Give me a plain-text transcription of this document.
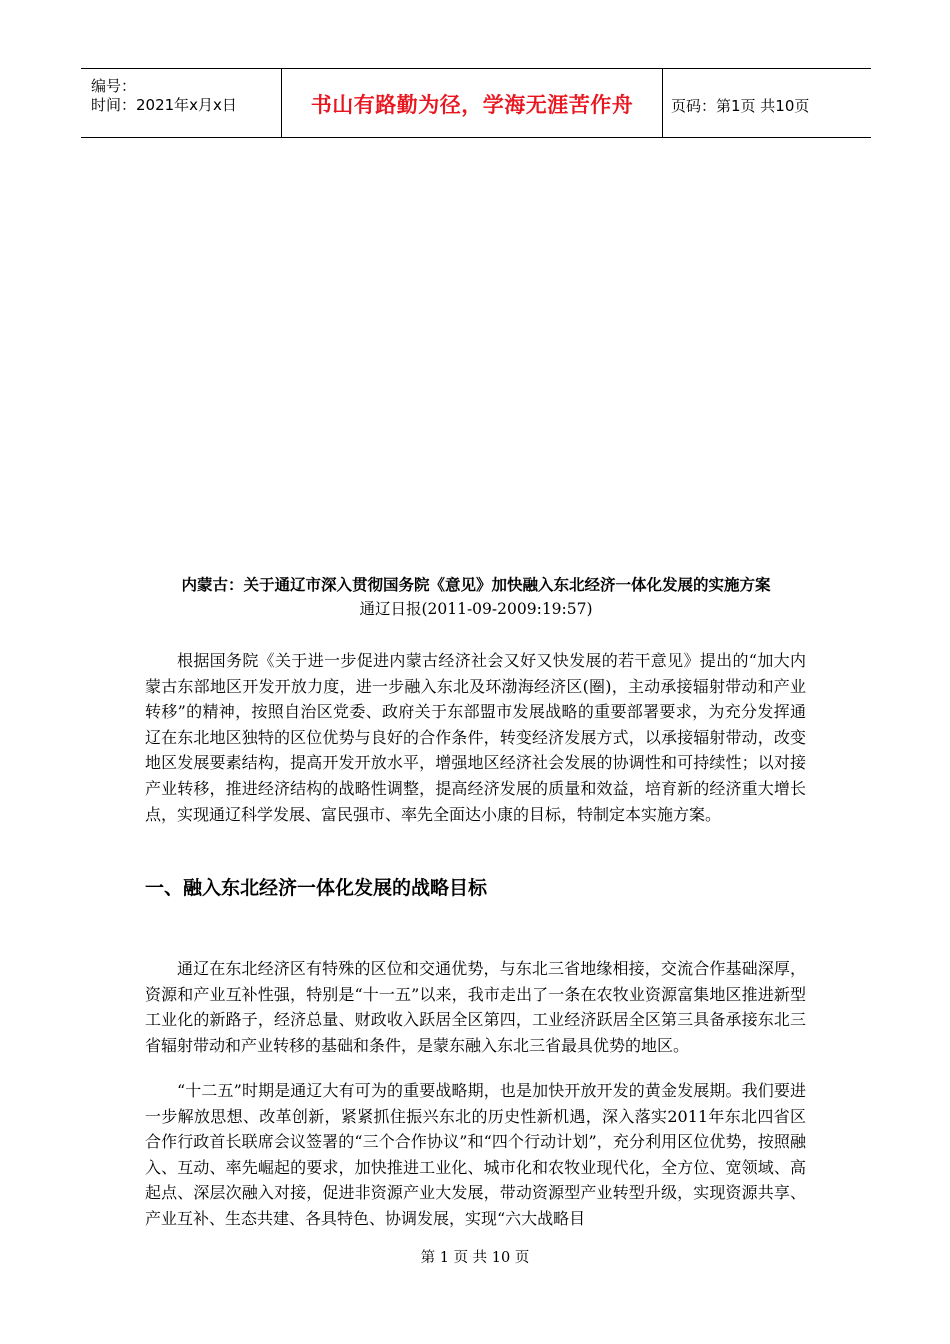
编号：
时间：2021年x月x日	书山有路勤为径，学海无涯苦作舟	页码：第1页 共10页
内蒙古：关于通辽市深入贯彻国务院《意见》加快融入东北经济一体化发展的实施方案
通辽日报(2011-09-2009:19:57)

根据国务院《关于进一步促进内蒙古经济社会又好又快发展的若干意见》提出的“加大内蒙古东部地区开发开放力度，进一步融入东北及环渤海经济区(圈)，主动承接辐射带动和产业转移”的精神，按照自治区党委、政府关于东部盟市发展战略的重要部署要求，为充分发挥通辽在东北地区独特的区位优势与良好的合作条件，转变经济发展方式，以承接辐射带动，改变地区发展要素结构，提高开发开放水平，增强地区经济社会发展的协调性和可持续性；以对接产业转移，推进经济结构的战略性调整，提高经济发展的质量和效益，培育新的经济重大增长点，实现通辽科学发展、富民强市、率先全面达小康的目标，特制定本实施方案。

一、融入东北经济一体化发展的战略目标

通辽在东北经济区有特殊的区位和交通优势，与东北三省地缘相接，交流合作基础深厚，资源和产业互补性强，特别是“十一五”以来，我市走出了一条在农牧业资源富集地区推进新型工业化的新路子，经济总量、财政收入跃居全区第四，工业经济跃居全区第三具备承接东北三省辐射带动和产业转移的基础和条件，是蒙东融入东北三省最具优势的地区。

“十二五”时期是通辽大有可为的重要战略期，也是加快开放开发的黄金发展期。我们要进一步解放思想、改革创新，紧紧抓住振兴东北的历史性新机遇，深入落实2011年东北四省区合作行政首长联席会议签署的“三个合作协议”和“四个行动计划”，充分利用区位优势，按照融入、互动、率先崛起的要求，加快推进工业化、城市化和农牧业现代化，全方位、宽领域、高起点、深层次融入对接，促进非资源产业大发展，带动资源型产业转型升级，实现资源共享、产业互补、生态共建、各具特色、协调发展，实现“六大战略目

第 1 页 共 10 页
